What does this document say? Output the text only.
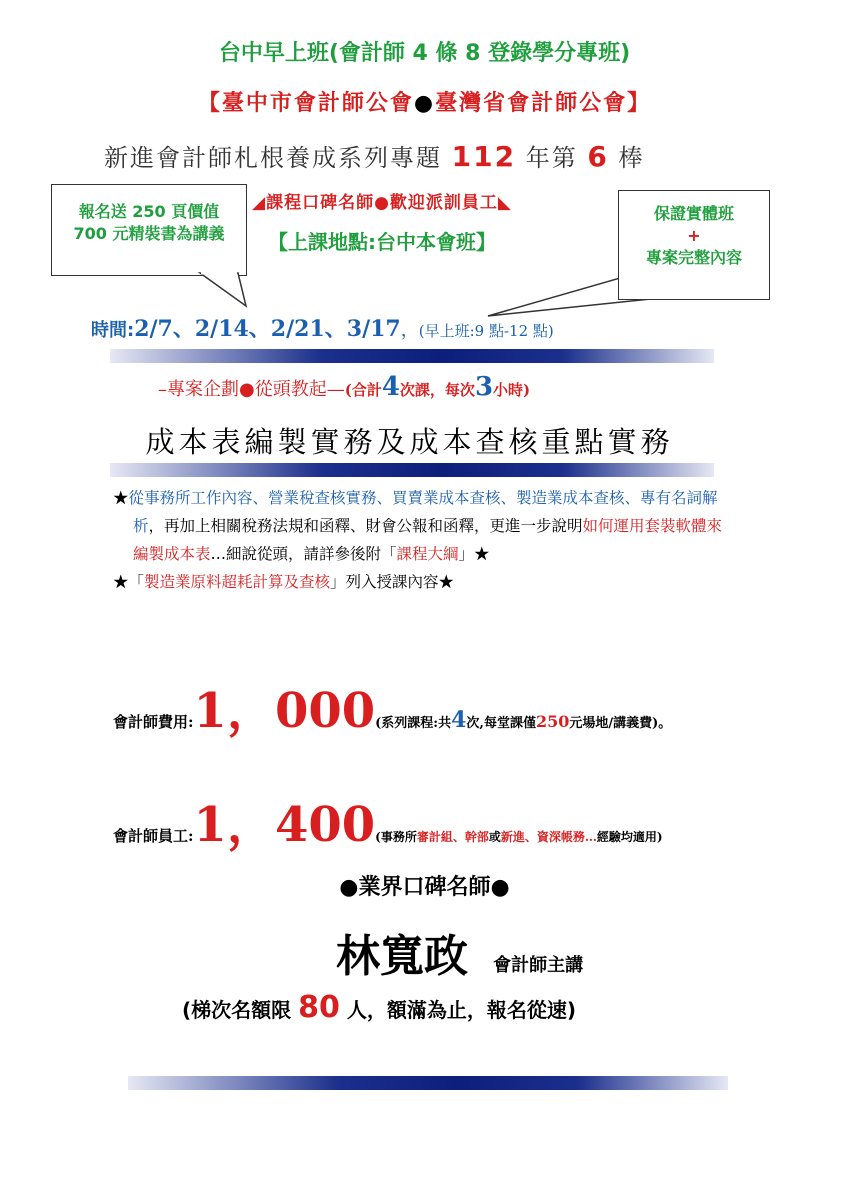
台中早上班(會計師 4 條 8 登錄學分專班)
【臺中市會計師公會●臺灣省會計師公會】
新進會計師札根養成系列專題 112 年第 6 棒
◢課程口碑名師●歡迎派訓員工◣
【上課地點:台中本會班】
報名送 250 頁價值
700 元精裝書為講義
保證實體班
+
專案完整內容
時間:2/7、2/14、2/21、3/17，(早上班:9 點-12 點)
–專案企劃●從頭教起—(合計4次課，每次3小時)
成本表編製實務及成本查核重點實務
★從事務所工作內容、營業稅查核實務、買賣業成本查核、製造業成本查核、專有名詞解析，再加上相關稅務法規和函釋、財會公報和函釋，更進一步說明如何運用套裝軟體來編製成本表…細說從頭，請詳參後附「課程大綱」★
★「製造業原料超耗計算及查核」列入授課內容★
會計師費用:1，000(系列課程:共4次,每堂課僅250元場地/講義費)。
會計師員工:1，400(事務所審計組、幹部或新進、資深帳務…經驗均適用)
●業界口碑名師●
林寬政 會計師主講
(梯次名額限 80 人，額滿為止，報名從速)
